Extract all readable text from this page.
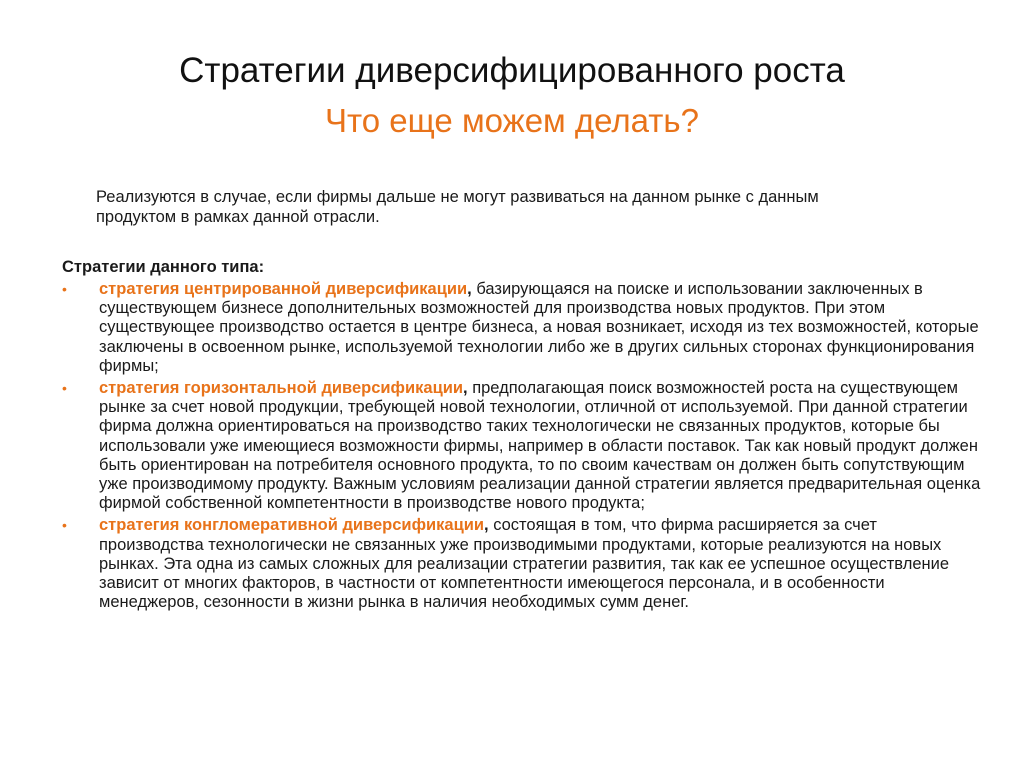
Стратегии диверсифицированного роста
Что еще можем делать?
Реализуются в случае, если фирмы дальше не могут развиваться на данном рынке с данным продуктом в рамках данной отрасли.
Стратегии данного типа:
• стратегия центрированной диверсификации, базирующаяся на поиске и использовании заключенных в существующем бизнесе дополнительных возможностей для производства новых продуктов. При этом существующее производство остается в центре бизнеса, а новая возникает, исходя из тех возможностей, которые заключены в освоенном рынке, используемой технологии либо же в других сильных сторонах функционирования фирмы;
• стратегия горизонтальной диверсификации, предполагающая поиск возможностей роста на существующем рынке за счет новой продукции, требующей новой технологии, отличной от используемой. При данной стратегии фирма должна ориентироваться на производство таких технологически не связанных продуктов, которые бы использовали уже имеющиеся возможности фирмы, например в области поставок. Так как новый продукт должен быть ориентирован на потребителя основного продукта, то по своим качествам он должен быть сопутствующим уже производимому продукту. Важным условиям реализации данной стратегии является предварительная оценка фирмой собственной компетентности в производстве нового продукта;
• стратегия конгломеративной диверсификации, состоящая в том, что фирма расширяется за счет производства технологически не связанных уже производимыми продуктами, которые реализуются на новых рынках. Эта одна из самых сложных для реализации стратегии развития, так как ее успешное осуществление зависит от многих факторов, в частности от компетентности имеющегося персонала, и в особенности менеджеров, сезонности в жизни рынка в наличия необходимых сумм денег.
